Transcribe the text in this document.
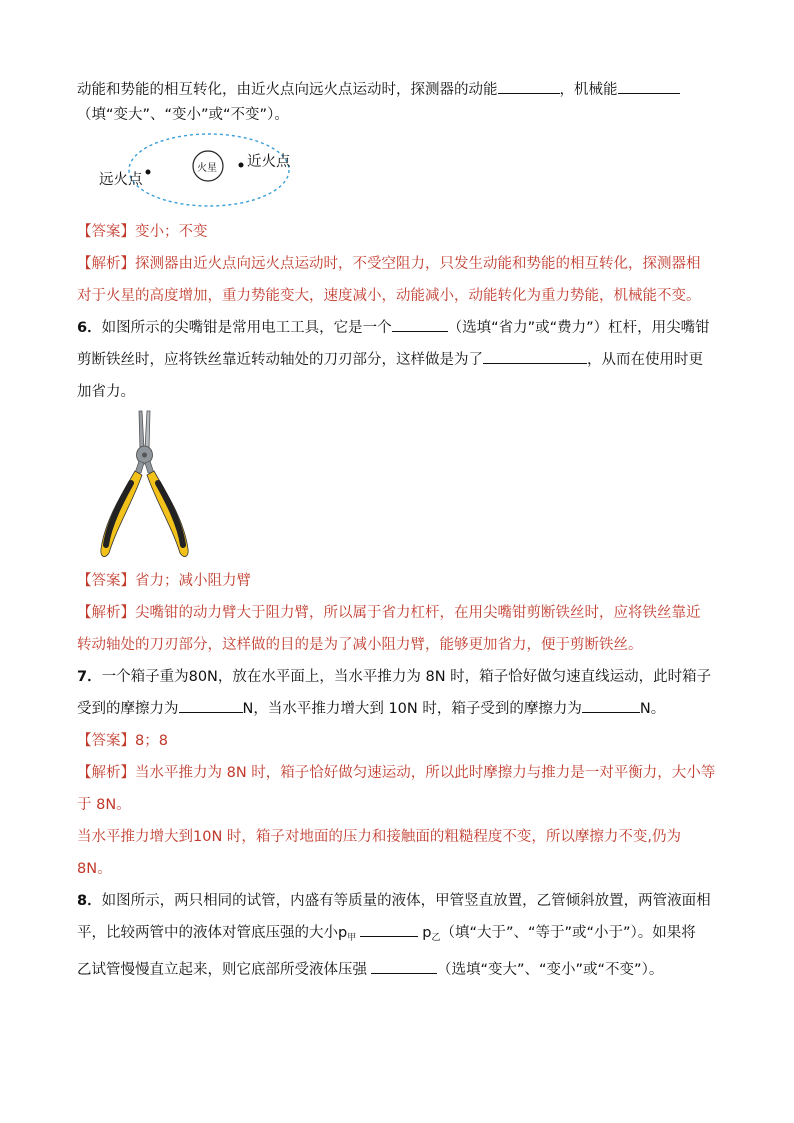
动能和势能的相互转化，由近火点向远火点运动时，探测器的动能	，机械能
（填“变大”、“变小”或“不变”）。
火星
远火点
近火点
【答案】变小；不变
【解析】探测器由近火点向远火点运动时，不受空阻力，只发生动能和势能的相互转化，探测器相
对于火星的高度增加，重力势能变大，速度减小，动能减小，动能转化为重力势能，机械能不变。
6．如图所示的尖嘴钳是常用电工工具，它是一个	（选填“省力”或“费力”）杠杆，用尖嘴钳
剪断铁丝时，应将铁丝靠近转动轴处的刀刃部分，这样做是为了	，从而在使用时更
加省力。
【答案】省力；减小阻力臂
【解析】尖嘴钳的动力臂大于阻力臂，所以属于省力杠杆，在用尖嘴钳剪断铁丝时，应将铁丝靠近
转动轴处的刀刃部分，这样做的目的是为了减小阻力臂，能够更加省力，便于剪断铁丝。
7．一个箱子重为80N，放在水平面上，当水平推力为 8N 时，箱子恰好做匀速直线运动，此时箱子
受到的摩擦力为	N，当水平推力增大到 10N 时，箱子受到的摩擦力为	N。
【答案】8；8
【解析】当水平推力为 8N 时，箱子恰好做匀速运动，所以此时摩擦力与推力是一对平衡力，大小等
于 8N。
当水平推力增大到10N 时，箱子对地面的压力和接触面的粗糙程度不变，所以摩擦力不变,仍为
8N。
8．如图所示，两只相同的试管，内盛有等质量的液体，甲管竖直放置，乙管倾斜放置，两管液面相
平，比较两管中的液体对管底压强的大小$p_甲$	$p_乙$（填“大于”、“等于”或“小于”）。如果将
乙试管慢慢直立起来，则它底部所受液体压强	（选填“变大”、“变小”或“不变”）。
